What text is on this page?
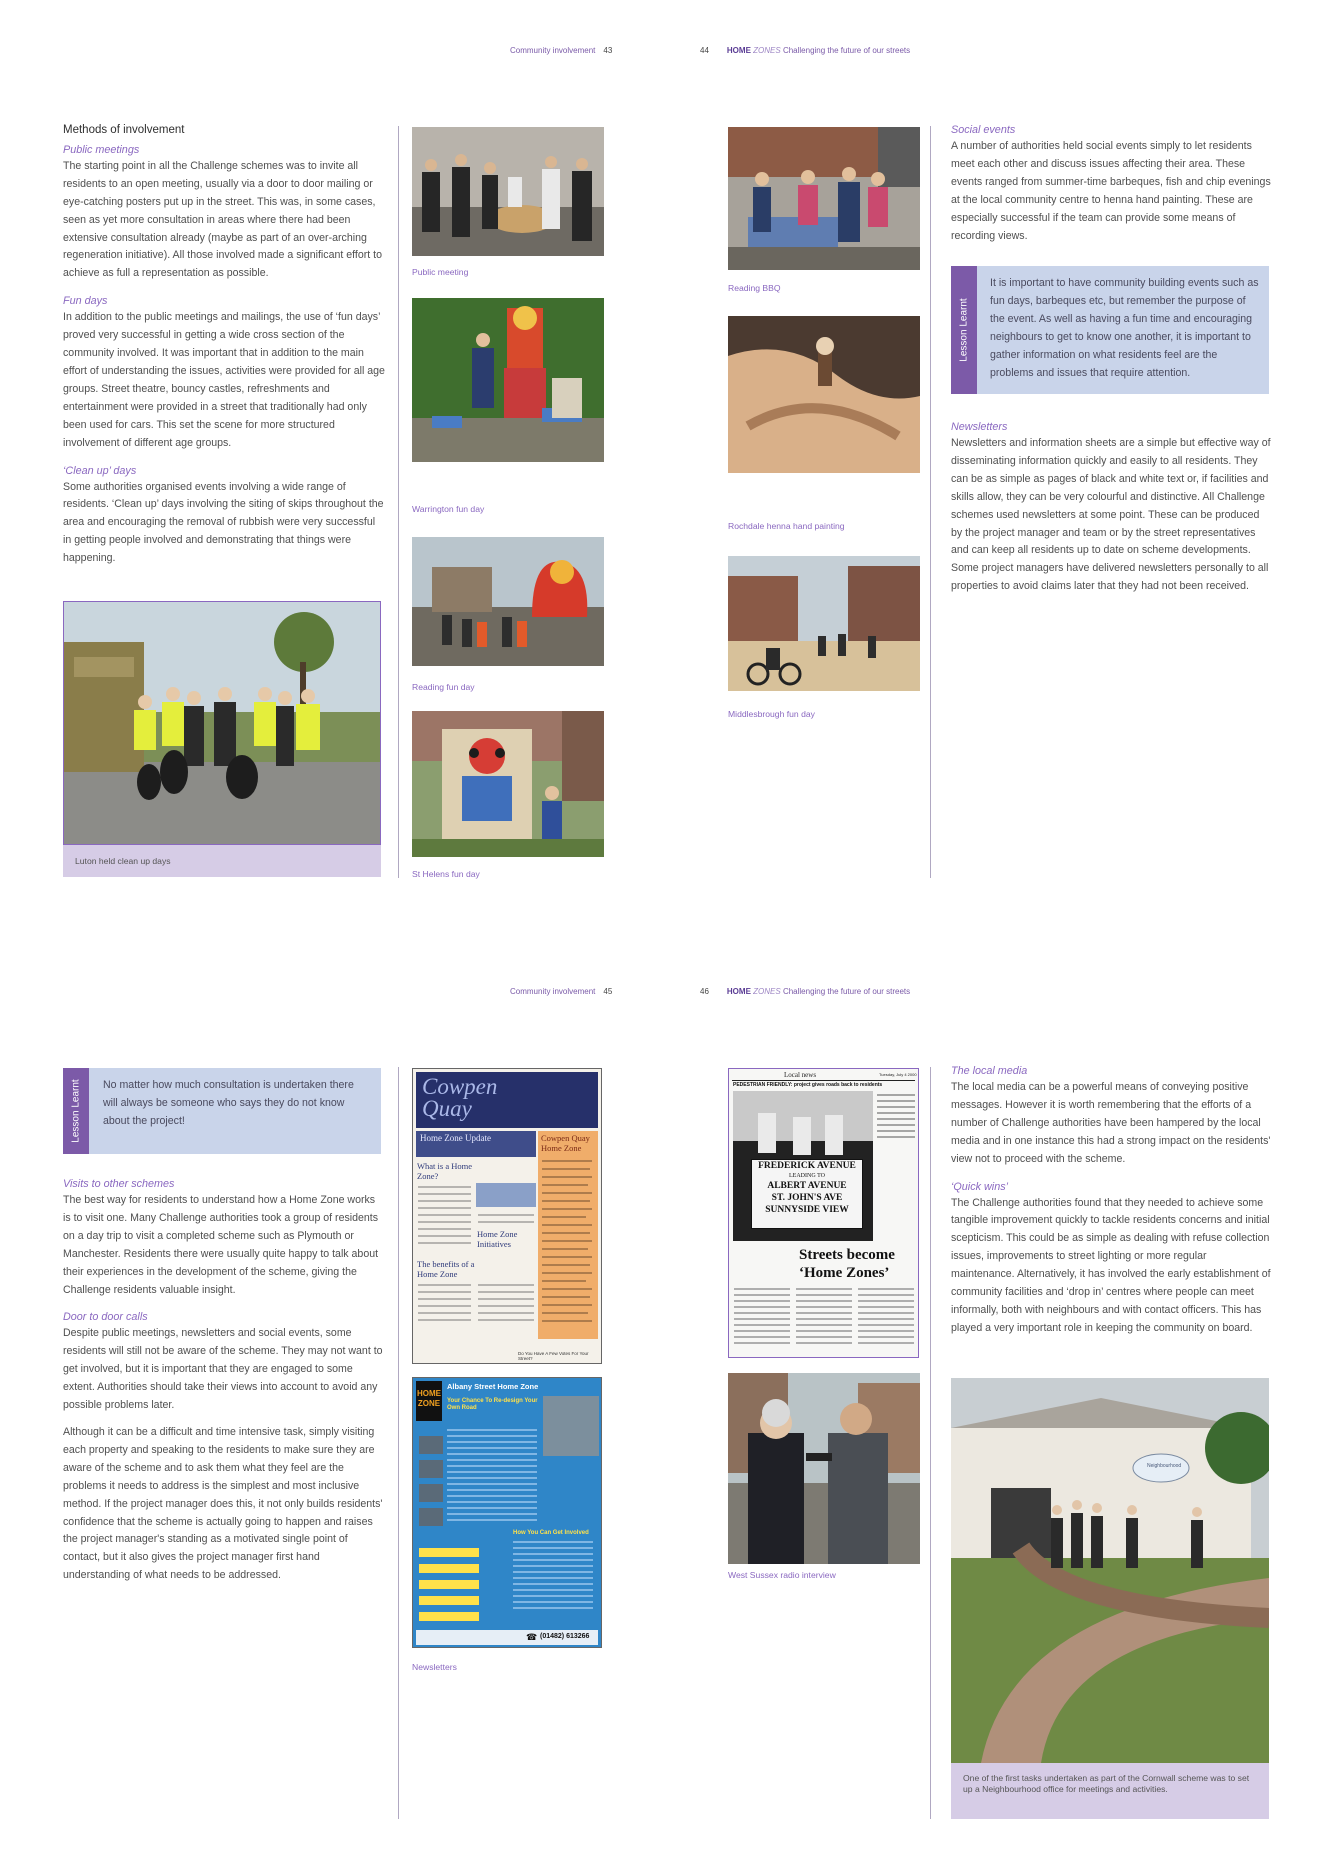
Community involvement 43	44 HOME ZONES Challenging the future of our streets
Methods of involvement
Public meetings

The starting point in all the Challenge schemes was to invite all residents to an open meeting, usually via a door to door mailing or eye-catching posters put up in the street. This was, in some cases, seen as yet more consultation in areas where there had been extensive consultation already (maybe as part of an over-arching regeneration initiative). All those involved made a significant effort to achieve as full a representation as possible.

Fun days

In addition to the public meetings and mailings, the use of ‘fun days’ proved very successful in getting a wide cross section of the community involved. It was important that in addition to the main effort of understanding the issues, activities were provided for all age groups. Street theatre, bouncy castles, refreshments and entertainment were provided in a street that traditionally had only been used for cars. This set the scene for more structured involvement of different age groups.

‘Clean up’ days

Some authorities organised events involving a wide range of residents. ‘Clean up’ days involving the siting of skips throughout the area and encouraging the removal of rubbish were very successful in getting people involved and demonstrating that things were happening.

Luton held clean up days
Public meeting
Warrington fun day
Reading fun day
St Helens fun day
Reading BBQ
Rochdale henna hand painting
Middlesbrough fun day
Social events

A number of authorities held social events simply to let residents meet each other and discuss issues affecting their area. These events ranged from summer-time barbeques, fish and chip evenings at the local community centre to henna hand painting. These are especially successful if the team can provide some means of recording views.

Lesson Learnt
It is important to have community building events such as fun days, barbeques etc, but remember the purpose of the event. As well as having a fun time and encouraging neighbours to get to know one another, it is important to gather information on what residents feel are the problems and issues that require attention.
Newsletters

Newsletters and information sheets are a simple but effective way of disseminating information quickly and easily to all residents. They can be as simple as pages of black and white text or, if facilities and skills allow, they can be very colourful and distinctive. All Challenge schemes used newsletters at some point. These can be produced by the project manager and team or by the street representatives and can keep all residents up to date on scheme developments. Some project managers have delivered newsletters personally to all properties to avoid claims later that they had not been received.

Community involvement 45	46 HOME ZONES Challenging the future of our streets
Lesson Learnt No matter how much consultation is undertaken there will always be someone who says they do not know about the project!
Visits to other schemes

The best way for residents to understand how a Home Zone works is to visit one. Many Challenge authorities took a group of residents on a day trip to visit a completed scheme such as Plymouth or Manchester. Residents there were usually quite happy to talk about their experiences in the development of the scheme, giving the Challenge residents valuable insight.

Door to door calls

Despite public meetings, newsletters and social events, some residents will still not be aware of the scheme. They may not want to get involved, but it is important that they are engaged to some extent. Authorities should take their views into account to avoid any possible problems later.

Although it can be a difficult and time intensive task, simply visiting each property and speaking to the residents to make sure they are aware of the scheme and to ask them what they feel are the problems it needs to address is the simplest and most inclusive method. If the project manager does this, it not only builds residents' confidence that the scheme is actually going to happen and raises the project manager's standing as a motivated single point of contact, but it also gives the project manager first hand understanding of what needs to be addressed.

Cowpen
Quay
Home Zone Update	Cowpen Quay Home Zone
What is a Home Zone?
Home Zone Initiatives
The benefits of a Home Zone
Do You Have A Few Votes For Your Street?
HOME
ZONE
Albany Street Home Zone
Your Chance To Re-design Your Own Road
How You Can Get Involved
☎ (01482) 613266
Newsletters
Local news	Tuesday, July 4 2000
PEDESTRIAN FRIENDLY: project gives roads back to residents
FREDERICK AVENUE
LEADING TO
ALBERT AVENUE
ST. JOHN'S AVE
SUNNYSIDE VIEW
Streets become
‘Home Zones’
West Sussex radio interview
The local media

The local media can be a powerful means of conveying positive messages. However it is worth remembering that the efforts of a number of Challenge authorities have been hampered by the local media and in one instance this had a strong impact on the residents' view not to proceed with the scheme.

‘Quick wins’

The Challenge authorities found that they needed to achieve some tangible improvement quickly to tackle residents concerns and initial scepticism. This could be as simple as dealing with refuse collection issues, improvements to street lighting or more regular maintenance. Alternatively, it has involved the early establishment of community facilities and ‘drop in’ centres where people can meet informally, both with neighbours and with contact officers. This has played a very important role in keeping the community on board.

Neighbourhood
One of the first tasks undertaken as part of the Cornwall scheme was to set up a Neighbourhood office for meetings and activities.
